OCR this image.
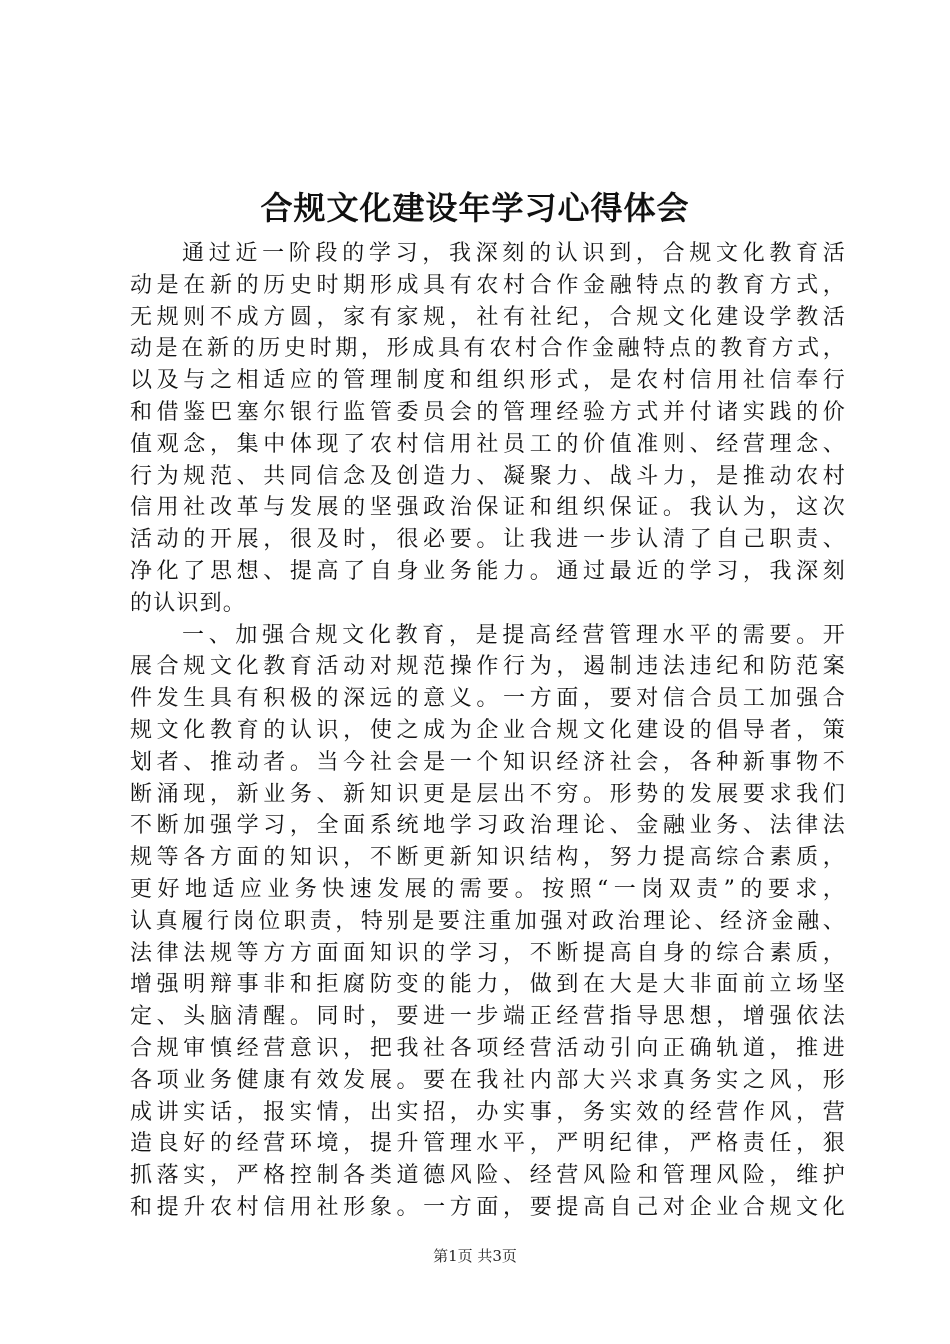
合规文化建设年学习心得体会
通过近一阶段的学习，我深刻的认识到，合规文化教育活
动是在新的历史时期形成具有农村合作金融特点的教育方式，
无规则不成方圆，家有家规，社有社纪，合规文化建设学教活
动是在新的历史时期，形成具有农村合作金融特点的教育方式，
以及与之相适应的管理制度和组织形式，是农村信用社信奉行
和借鉴巴塞尔银行监管委员会的管理经验方式并付诸实践的价
值观念，集中体现了农村信用社员工的价值准则、经营理念、
行为规范、共同信念及创造力、凝聚力、战斗力，是推动农村
信用社改革与发展的坚强政治保证和组织保证。我认为，这次
活动的开展，很及时，很必要。让我进一步认清了自己职责、
净化了思想、提高了自身业务能力。通过最近的学习，我深刻
的认识到。
一、加强合规文化教育，是提高经营管理水平的需要。开
展合规文化教育活动对规范操作行为，遏制违法违纪和防范案
件发生具有积极的深远的意义。一方面，要对信合员工加强合
规文化教育的认识，使之成为企业合规文化建设的倡导者，策
划者、推动者。当今社会是一个知识经济社会，各种新事物不
断涌现，新业务、新知识更是层出不穷。形势的发展要求我们
不断加强学习，全面系统地学习政治理论、金融业务、法律法
规等各方面的知识，不断更新知识结构，努力提高综合素质，
更好地适应业务快速发展的需要。按照“一岗双责”的要求，
认真履行岗位职责，特别是要注重加强对政治理论、经济金融、
法律法规等方方面面知识的学习，不断提高自身的综合素质，
增强明辩事非和拒腐防变的能力，做到在大是大非面前立场坚
定、头脑清醒。同时，要进一步端正经营指导思想，增强依法
合规审慎经营意识，把我社各项经营活动引向正确轨道，推进
各项业务健康有效发展。要在我社内部大兴求真务实之风，形
成讲实话，报实情，出实招，办实事，务实效的经营作风，营
造良好的经营环境，提升管理水平，严明纪律，严格责任，狠
抓落实，严格控制各类道德风险、经营风险和管理风险，维护
和提升农村信用社形象。一方面，要提高自己对企业合规文化
第1页 共3页
